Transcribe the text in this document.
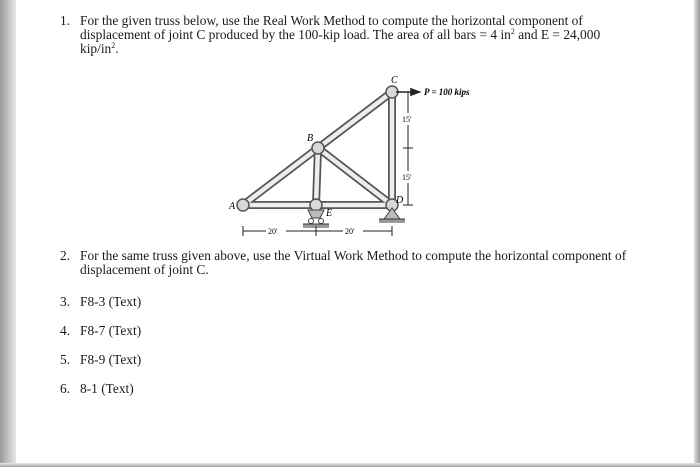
1. For the given truss below, use the Real Work Method to compute the horizontal component of
displacement of joint C produced by the 100-kip load. The area of all bars = 4 $in^2$ and E = 24,000
kip/$in^2$.
A
B
C
D
E
P = 100 kips
15′
15′
20′	20′
2. For the same truss given above, use the Virtual Work Method to compute the horizontal component of
displacement of joint C.
3. F8-3 (Text)
4. F8-7 (Text)
5. F8-9 (Text)
6. 8-1 (Text)
